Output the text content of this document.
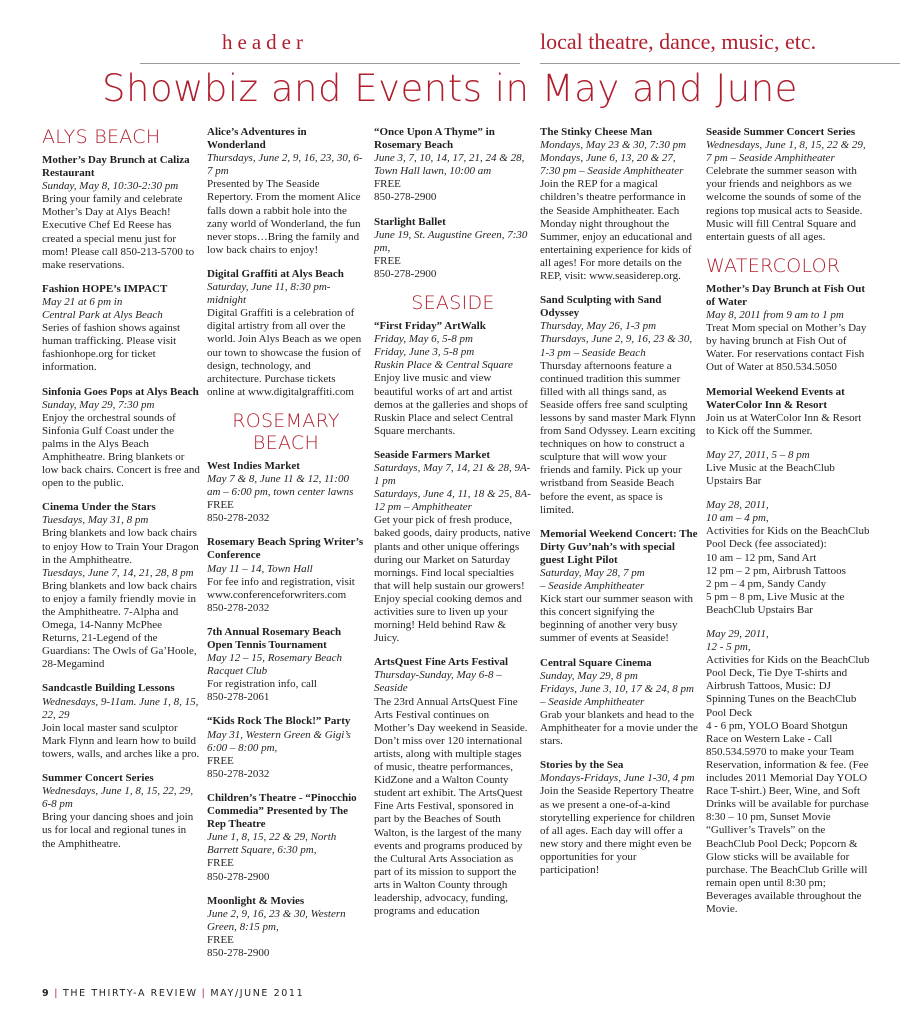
header	local theatre, dance, music, etc.
Showbiz and Events in May and June
ALYS BEACH
Mother’s Day Brunch at Caliza Restaurant
Sunday, May 8, 10:30-2:30 pm
Bring your family and celebrate Mother’s Day at Alys Beach! Executive Chef Ed Reese has created a special menu just for mom! Please call 850-213-5700 to make reservations.
Fashion HOPE’s IMPACT
May 21 at 6 pm in
Central Park at Alys Beach
Series of fashion shows against human trafficking. Please visit fashionhope.org for ticket information.
Sinfonia Goes Pops at Alys Beach
Sunday, May 29, 7:30 pm
Enjoy the orchestral sounds of Sinfonia Gulf Coast under the palms in the Alys Beach Amphitheatre. Bring blankets or low back chairs. Concert is free and open to the public.
Cinema Under the Stars
Tuesdays, May 31, 8 pm
Bring blankets and low back chairs to enjoy How to Train Your Dragon in the Amphitheatre.
Tuesdays, June 7, 14, 21, 28, 8 pm
Bring blankets and low back chairs to enjoy a family friendly movie in the Amphitheatre. 7-Alpha and Omega, 14-Nanny McPhee Returns, 21-Legend of the Guardians: The Owls of Ga’Hoole, 28-Megamind
Sandcastle Building Lessons
Wednesdays, 9-11am. June 1, 8, 15, 22, 29
Join local master sand sculptor Mark Flynn and learn how to build towers, walls, and arches like a pro.
Summer Concert Series
Wednesdays, June 1, 8, 15, 22, 29, 6-8 pm
Bring your dancing shoes and join us for local and regional tunes in the Amphitheatre.
Alice’s Adventures in Wonderland
Thursdays, June 2, 9, 16, 23, 30, 6-7 pm
Presented by The Seaside Repertory. From the moment Alice falls down a rabbit hole into the zany world of Wonderland, the fun never stops…Bring the family and low back chairs to enjoy!
Digital Graffiti at Alys Beach
Saturday, June 11, 8:30 pm-midnight
Digital Graffiti is a celebration of digital artistry from all over the world. Join Alys Beach as we open our town to showcase the fusion of design, technology, and architecture. Purchase tickets online at www.digitalgraffiti.com
ROSEMARY BEACH
West Indies Market
May 7 & 8, June 11 & 12, 11:00 am – 6:00 pm, town center lawns
FREE
850-278-2032
Rosemary Beach Spring Writer’s Conference
May 11 – 14, Town Hall
For fee info and registration, visit www.conferenceforwriters.com
850-278-2032
7th Annual Rosemary Beach Open Tennis Tournament
May 12 – 15, Rosemary Beach Racquet Club
For registration info, call
850-278-2061
“Kids Rock The Block!” Party
May 31, Western Green & Gigi’s 6:00 – 8:00 pm,
FREE
850-278-2032
Children’s Theatre - “Pinocchio Commedia” Presented by The Rep Theatre
June 1, 8, 15, 22 & 29, North Barrett Square, 6:30 pm,
FREE
850-278-2900
Moonlight & Movies
June 2, 9, 16, 23 & 30, Western Green, 8:15 pm,
FREE
850-278-2900
“Once Upon A Thyme” in Rosemary Beach
June 3, 7, 10, 14, 17, 21, 24 & 28, Town Hall lawn, 10:00 am
FREE
850-278-2900
Starlight Ballet
June 19, St. Augustine Green, 7:30 pm,
FREE
850-278-2900
SEASIDE
“First Friday” ArtWalk
Friday, May 6, 5-8 pm
Friday, June 3, 5-8 pm
Ruskin Place & Central Square
Enjoy live music and view beautiful works of art and artist demos at the galleries and shops of Ruskin Place and select Central Square merchants.
Seaside Farmers Market
Saturdays, May 7, 14, 21 & 28, 9A-1 pm
Saturdays, June 4, 11, 18 & 25, 8A-12 pm – Amphitheater
Get your pick of fresh produce, baked goods, dairy products, native plants and other unique offerings during our Market on Saturday mornings. Find local specialties that will help sustain our growers! Enjoy special cooking demos and activities sure to liven up your morning! Held behind Raw & Juicy.
ArtsQuest Fine Arts Festival
Thursday-Sunday, May 6-8 – Seaside
The 23rd Annual ArtsQuest Fine Arts Festival continues on Mother’s Day weekend in Seaside. Don’t miss over 120 international artists, along with multiple stages of music, theatre performances, KidZone and a Walton County student art exhibit. The ArtsQuest Fine Arts Festival, sponsored in part by the Beaches of South Walton, is the largest of the many events and programs produced by the Cultural Arts Association as part of its mission to support the arts in Walton County through leadership, advocacy, funding, programs and education
The Stinky Cheese Man
Mondays, May 23 & 30, 7:30 pm
Mondays, June 6, 13, 20 & 27, 7:30 pm – Seaside Amphitheater
Join the REP for a magical children’s theatre performance in the Seaside Amphitheater. Each Monday night throughout the Summer, enjoy an educational and entertaining experience for kids of all ages! For more details on the REP, visit: www.seasiderep.org.
Sand Sculpting with Sand Odyssey
Thursday, May 26, 1-3 pm
Thursdays, June 2, 9, 16, 23 & 30, 1-3 pm – Seaside Beach
Thursday afternoons feature a continued tradition this summer filled with all things sand, as Seaside offers free sand sculpting lessons by sand master Mark Flynn from Sand Odyssey. Learn exciting techniques on how to construct a sculpture that will wow your friends and family. Pick up your wristband from Seaside Beach before the event, as space is limited.
Memorial Weekend Concert: The Dirty Guv’nah’s with special guest Light Pilot
Saturday, May 28, 7 pm
– Seaside Amphitheater
Kick start our summer season with this concert signifying the beginning of another very busy summer of events at Seaside!
Central Square Cinema
Sunday, May 29, 8 pm
Fridays, June 3, 10, 17 & 24, 8 pm – Seaside Amphitheater
Grab your blankets and head to the Amphitheater for a movie under the stars.
Stories by the Sea
Mondays-Fridays, June 1-30, 4 pm
Join the Seaside Repertory Theatre as we present a one-of-a-kind storytelling experience for children of all ages. Each day will offer a new story and there might even be opportunities for your participation!
Seaside Summer Concert Series
Wednesdays, June 1, 8, 15, 22 & 29, 7 pm – Seaside Amphitheater
Celebrate the summer season with your friends and neighbors as we welcome the sounds of some of the regions top musical acts to Seaside. Music will fill Central Square and entertain guests of all ages.
WATERCOLOR
Mother’s Day Brunch at Fish Out of Water
May 8, 2011 from 9 am to 1 pm
Treat Mom special on Mother’s Day by having brunch at Fish Out of Water. For reservations contact Fish Out of Water at 850.534.5050
Memorial Weekend Events at WaterColor Inn & Resort
Join us at WaterColor Inn & Resort to Kick off the Summer.
May 27, 2011, 5 – 8 pm
Live Music at the BeachClub Upstairs Bar
May 28, 2011,
10 am – 4 pm,
Activities for Kids on the BeachClub Pool Deck (fee associated):
10 am – 12 pm, Sand Art
12 pm – 2 pm, Airbrush Tattoos
2 pm – 4 pm, Sandy Candy
5 pm – 8 pm, Live Music at the BeachClub Upstairs Bar
May 29, 2011,
12 - 5 pm,
Activities for Kids on the BeachClub Pool Deck, Tie Dye T-shirts and Airbrush Tattoos, Music: DJ Spinning Tunes on the BeachClub Pool Deck
4 - 6 pm, YOLO Board Shotgun Race on Western Lake - Call 850.534.5970 to make your Team Reservation, information & fee. (Fee includes 2011 Memorial Day YOLO Race T-shirt.) Beer, Wine, and Soft Drinks will be available for purchase
8:30 – 10 pm, Sunset Movie “Gulliver’s Travels” on the BeachClub Pool Deck; Popcorn & Glow sticks will be available for purchase. The BeachClub Grille will remain open until 8:30 pm; Beverages available throughout the Movie.
9 | THE THIRTY-A REVIEW | MAY/JUNE 2011
